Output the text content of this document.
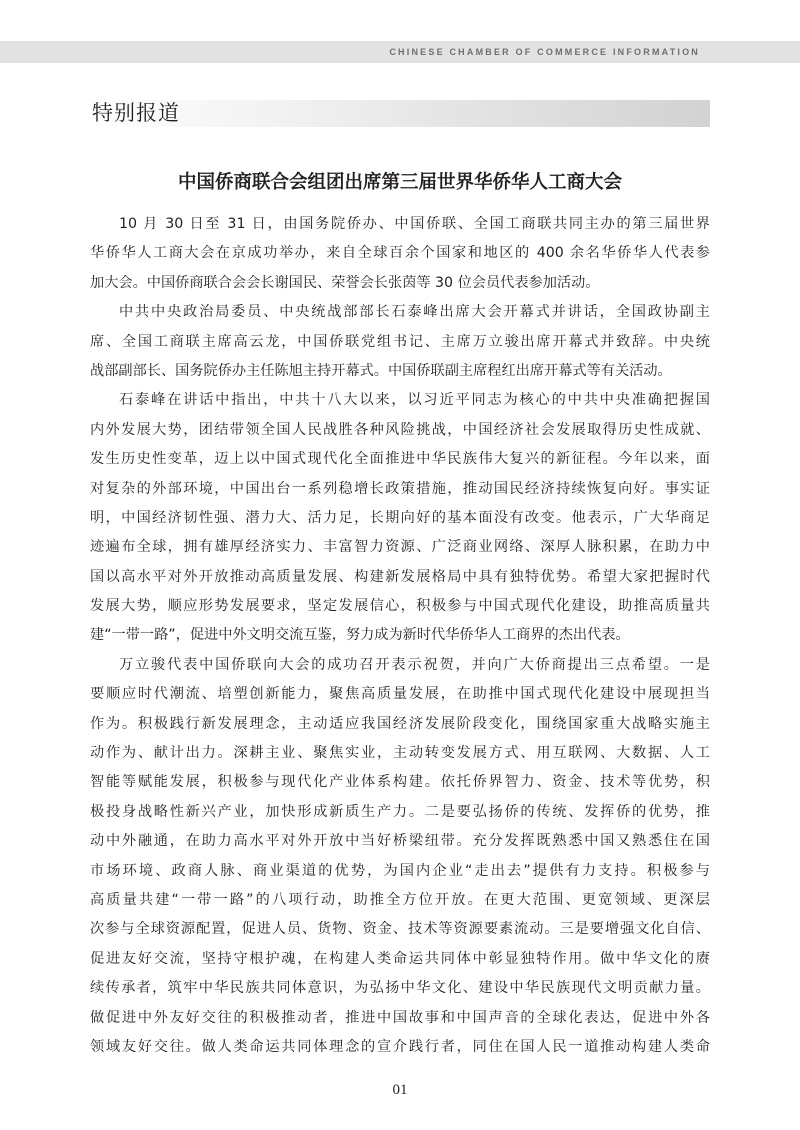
CHINESE CHAMBER OF COMMERCE INFORMATION
特别报道
中国侨商联合会组团出席第三届世界华侨华人工商大会
10 月 30 日至 31 日，由国务院侨办、中国侨联、全国工商联共同主办的第三届世界
华侨华人工商大会在京成功举办，来自全球百余个国家和地区的 400 余名华侨华人代表参
加大会。中国侨商联合会会长谢国民、荣誉会长张茵等 30 位会员代表参加活动。
中共中央政治局委员、中央统战部部长石泰峰出席大会开幕式并讲话，全国政协副主
席、全国工商联主席高云龙，中国侨联党组书记、主席万立骏出席开幕式并致辞。中央统
战部副部长、国务院侨办主任陈旭主持开幕式。中国侨联副主席程红出席开幕式等有关活动。
石泰峰在讲话中指出，中共十八大以来，以习近平同志为核心的中共中央准确把握国
内外发展大势，团结带领全国人民战胜各种风险挑战，中国经济社会发展取得历史性成就、
发生历史性变革，迈上以中国式现代化全面推进中华民族伟大复兴的新征程。今年以来，面
对复杂的外部环境，中国出台一系列稳增长政策措施，推动国民经济持续恢复向好。事实证
明，中国经济韧性强、潜力大、活力足，长期向好的基本面没有改变。他表示，广大华商足
迹遍布全球，拥有雄厚经济实力、丰富智力资源、广泛商业网络、深厚人脉积累，在助力中
国以高水平对外开放推动高质量发展、构建新发展格局中具有独特优势。希望大家把握时代
发展大势，顺应形势发展要求，坚定发展信心，积极参与中国式现代化建设，助推高质量共
建“一带一路”，促进中外文明交流互鉴，努力成为新时代华侨华人工商界的杰出代表。
万立骏代表中国侨联向大会的成功召开表示祝贺，并向广大侨商提出三点希望。一是
要顺应时代潮流、培塑创新能力，聚焦高质量发展，在助推中国式现代化建设中展现担当
作为。积极践行新发展理念，主动适应我国经济发展阶段变化，围绕国家重大战略实施主
动作为、献计出力。深耕主业、聚焦实业，主动转变发展方式、用互联网、大数据、人工
智能等赋能发展，积极参与现代化产业体系构建。依托侨界智力、资金、技术等优势，积
极投身战略性新兴产业，加快形成新质生产力。二是要弘扬侨的传统、发挥侨的优势，推
动中外融通，在助力高水平对外开放中当好桥梁纽带。充分发挥既熟悉中国又熟悉住在国
市场环境、政商人脉、商业渠道的优势，为国内企业“走出去”提供有力支持。积极参与
高质量共建“一带一路”的八项行动，助推全方位开放。在更大范围、更宽领域、更深层
次参与全球资源配置，促进人员、货物、资金、技术等资源要素流动。三是要增强文化自信、
促进友好交流，坚持守根护魂，在构建人类命运共同体中彰显独特作用。做中华文化的赓
续传承者，筑牢中华民族共同体意识，为弘扬中华文化、建设中华民族现代文明贡献力量。
做促进中外友好交往的积极推动者，推进中国故事和中国声音的全球化表达，促进中外各
领域友好交往。做人类命运共同体理念的宣介践行者，同住在国人民一道推动构建人类命
01
